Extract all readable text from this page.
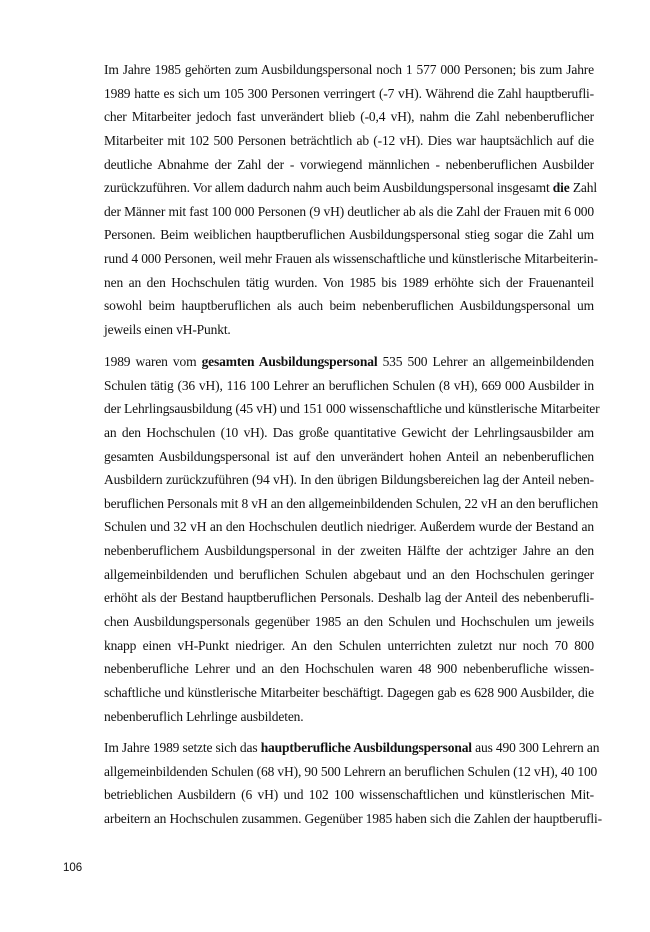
Im Jahre 1985 gehörten zum Ausbildungspersonal noch 1 577 000 Personen; bis zum Jahre
1989 hatte es sich um 105 300 Personen verringert (-7 vH). Während die Zahl hauptberufli-
cher Mitarbeiter jedoch fast unverändert blieb (-0,4 vH), nahm die Zahl nebenberuflicher
Mitarbeiter mit 102 500 Personen beträchtlich ab (-12 vH). Dies war hauptsächlich auf die
deutliche Abnahme der Zahl der - vorwiegend männlichen - nebenberuflichen Ausbilder
zurückzuführen. Vor allem dadurch nahm auch beim Ausbildungspersonal insgesamt die Zahl
der Männer mit fast 100 000 Personen (9 vH) deutlicher ab als die Zahl der Frauen mit 6 000
Personen. Beim weiblichen hauptberuflichen Ausbildungspersonal stieg sogar die Zahl um
rund 4 000 Personen, weil mehr Frauen als wissenschaftliche und künstlerische Mitarbeiterin-
nen an den Hochschulen tätig wurden. Von 1985 bis 1989 erhöhte sich der Frauenanteil
sowohl beim hauptberuflichen als auch beim nebenberuflichen Ausbildungspersonal um
jeweils einen vH-Punkt.
1989 waren vom gesamten Ausbildungspersonal 535 500 Lehrer an allgemeinbildenden
Schulen tätig (36 vH), 116 100 Lehrer an beruflichen Schulen (8 vH), 669 000 Ausbilder in
der Lehrlingsausbildung (45 vH) und 151 000 wissenschaftliche und künstlerische Mitarbeiter
an den Hochschulen (10 vH). Das große quantitative Gewicht der Lehrlingsausbilder am
gesamten Ausbildungspersonal ist auf den unverändert hohen Anteil an nebenberuflichen
Ausbildern zurückzuführen (94 vH). In den übrigen Bildungsbereichen lag der Anteil neben-
beruflichen Personals mit 8 vH an den allgemeinbildenden Schulen, 22 vH an den beruflichen
Schulen und 32 vH an den Hochschulen deutlich niedriger. Außerdem wurde der Bestand an
nebenberuflichem Ausbildungspersonal in der zweiten Hälfte der achtziger Jahre an den
allgemeinbildenden und beruflichen Schulen abgebaut und an den Hochschulen geringer
erhöht als der Bestand hauptberuflichen Personals. Deshalb lag der Anteil des nebenberufli-
chen Ausbildungspersonals gegenüber 1985 an den Schulen und Hochschulen um jeweils
knapp einen vH-Punkt niedriger. An den Schulen unterrichten zuletzt nur noch 70 800
nebenberufliche Lehrer und an den Hochschulen waren 48 900 nebenberufliche wissen-
schaftliche und künstlerische Mitarbeiter beschäftigt. Dagegen gab es 628 900 Ausbilder, die
nebenberuflich Lehrlinge ausbildeten.
Im Jahre 1989 setzte sich das hauptberufliche Ausbildungspersonal aus 490 300 Lehrern an
allgemeinbildenden Schulen (68 vH), 90 500 Lehrern an beruflichen Schulen (12 vH), 40 100
betrieblichen Ausbildern (6 vH) und 102 100 wissenschaftlichen und künstlerischen Mit-
arbeitern an Hochschulen zusammen. Gegenüber 1985 haben sich die Zahlen der hauptberufli-
106
